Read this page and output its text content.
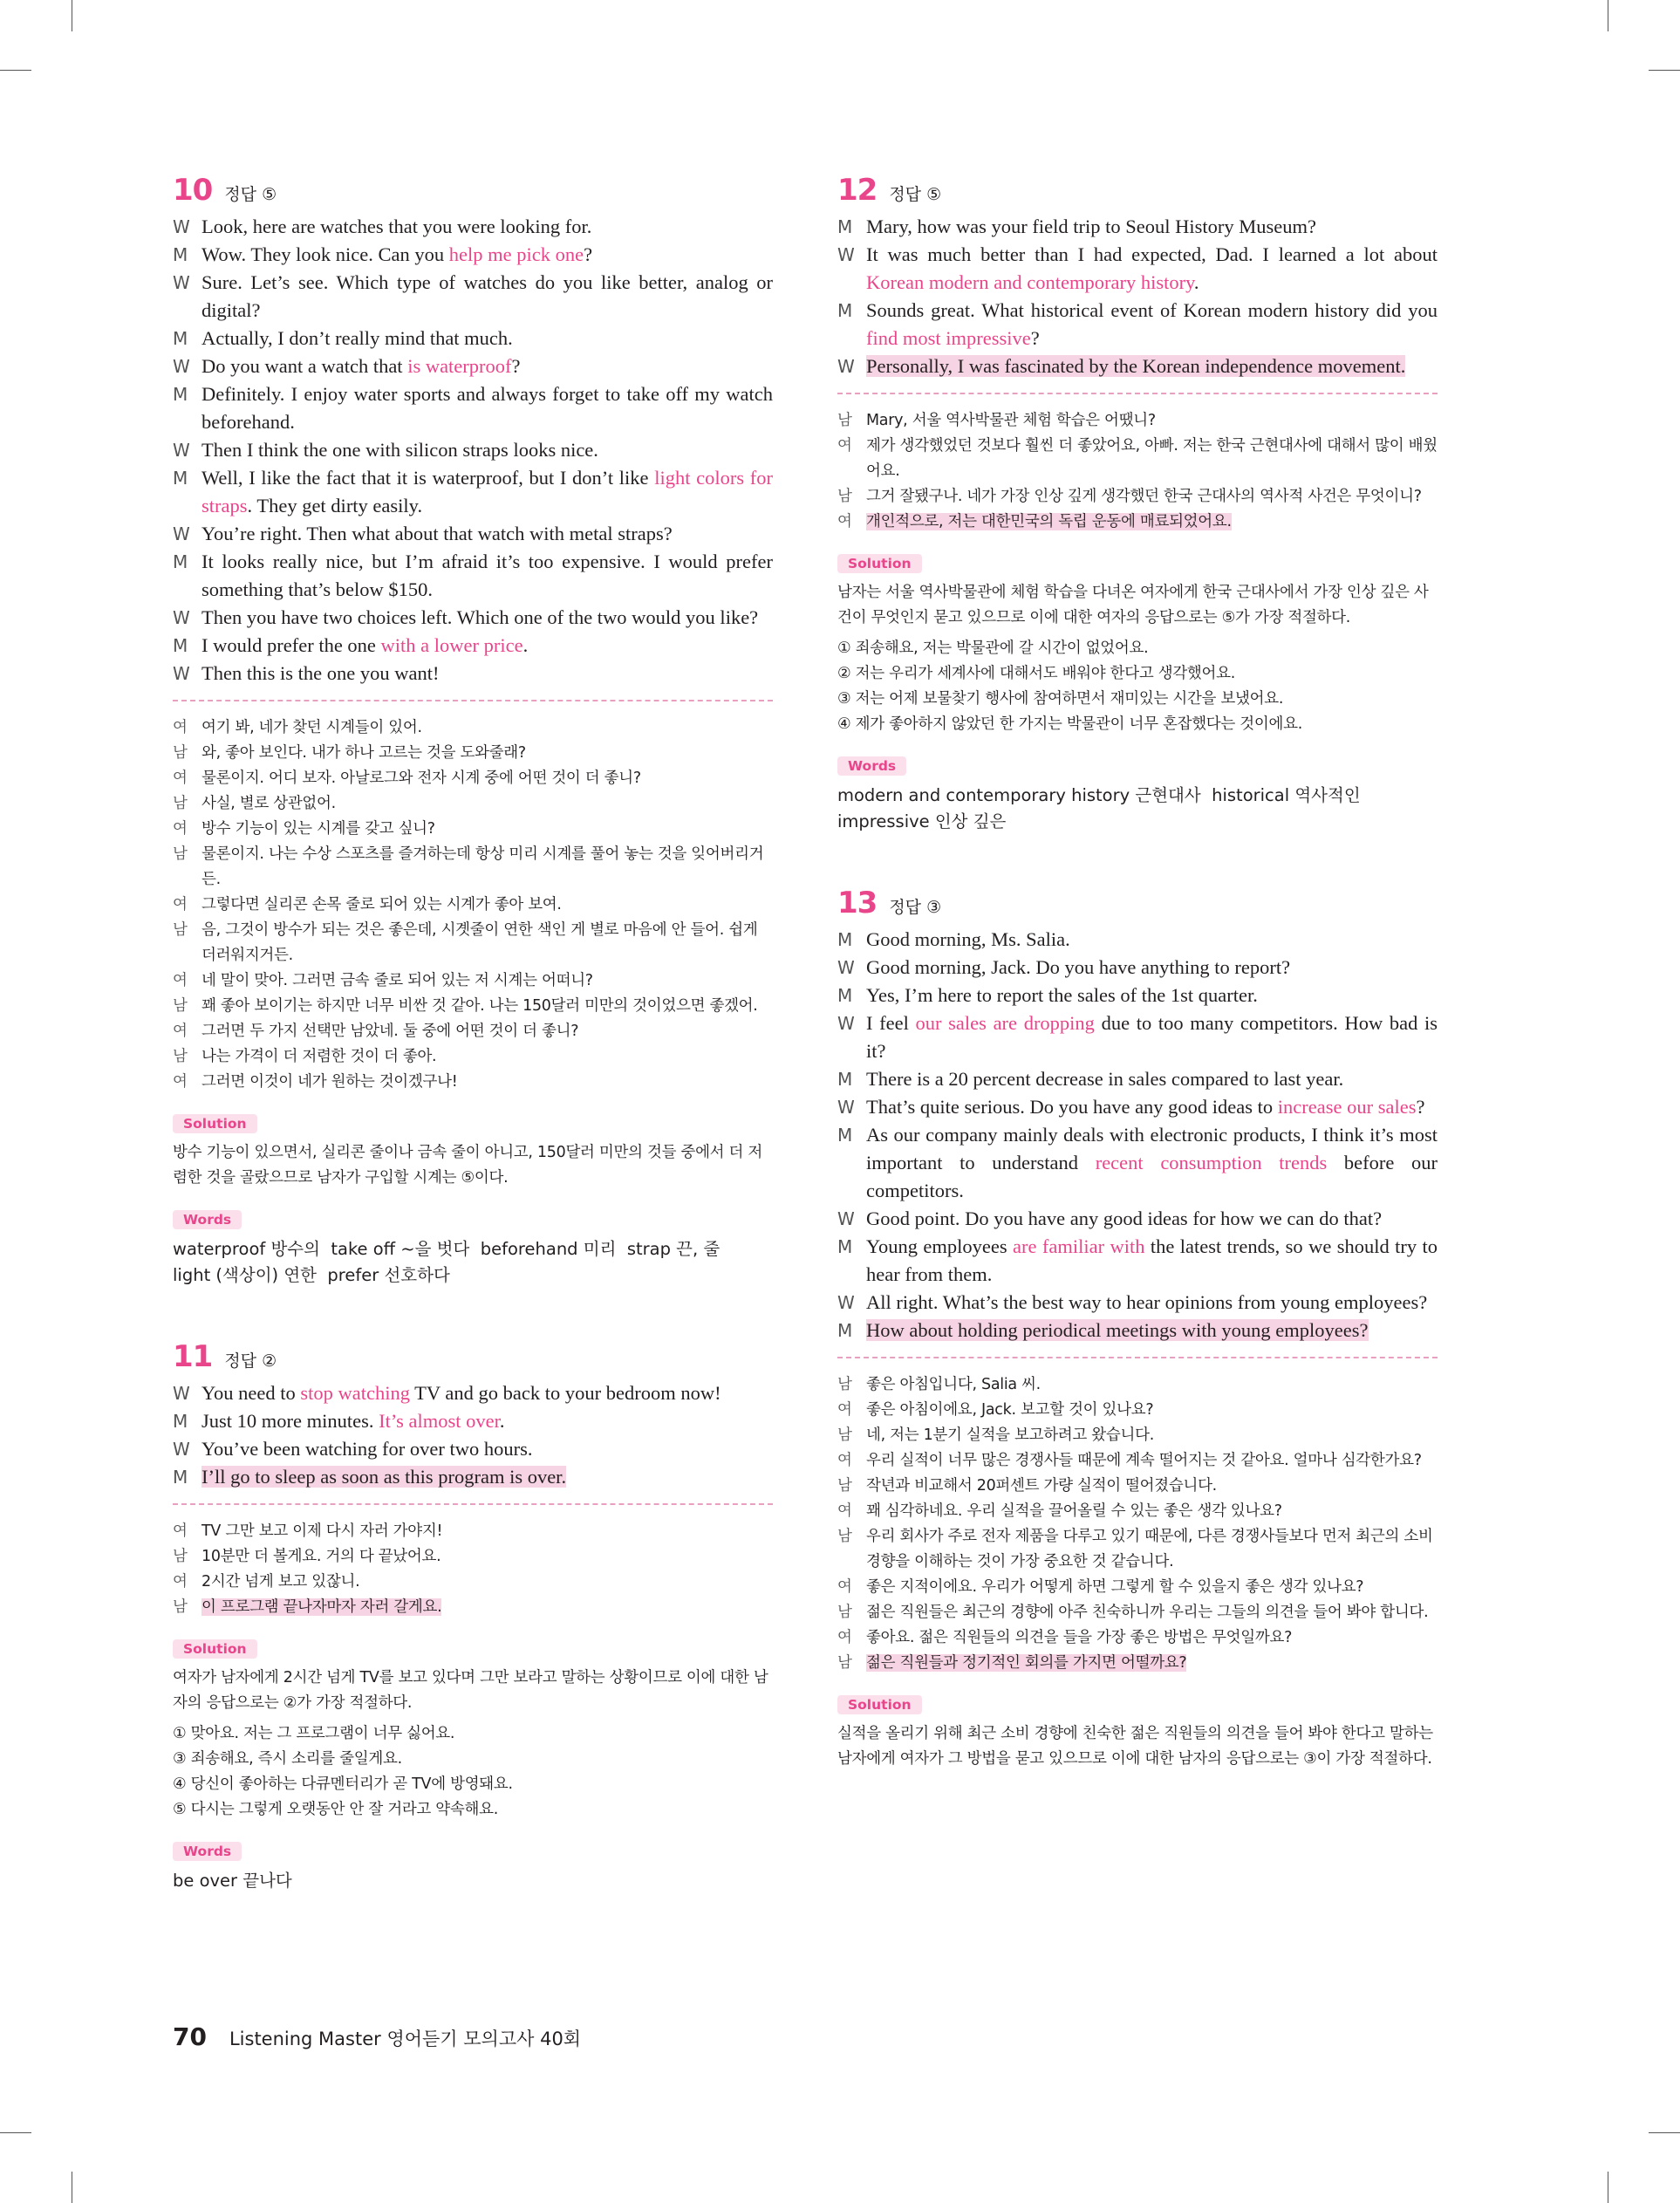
10 정답 ⑤
W Look, here are watches that you were looking for.
M Wow. They look nice. Can you help me pick one?
W Sure. Let’s see. Which type of watches do you like better, analog or digital?
M Actually, I don’t really mind that much.
W Do you want a watch that is waterproof?
M Definitely. I enjoy water sports and always forget to take off my watch beforehand.
W Then I think the one with silicon straps looks nice.
M Well, I like the fact that it is waterproof, but I don’t like light colors for straps. They get dirty easily.
W You’re right. Then what about that watch with metal straps?
M It looks really nice, but I’m afraid it’s too expensive. I would prefer something that’s below $150.
W Then you have two choices left. Which one of the two would you like?
M I would prefer the one with a lower price.
W Then this is the one you want!
여 여기 봐, 네가 찾던 시계들이 있어.
남 와, 좋아 보인다. 내가 하나 고르는 것을 도와줄래?
여 물론이지. 어디 보자. 아날로그와 전자 시계 중에 어떤 것이 더 좋니?
남 사실, 별로 상관없어.
여 방수 기능이 있는 시계를 갖고 싶니?
남 물론이지. 나는 수상 스포츠를 즐겨하는데 항상 미리 시계를 풀어 놓는 것을 잊어버리거든.
여 그렇다면 실리콘 손목 줄로 되어 있는 시계가 좋아 보여.
남 음, 그것이 방수가 되는 것은 좋은데, 시곗줄이 연한 색인 게 별로 마음에 안 들어. 쉽게 더러워지거든.
여 네 말이 맞아. 그러면 금속 줄로 되어 있는 저 시계는 어떠니?
남 꽤 좋아 보이기는 하지만 너무 비싼 것 같아. 나는 150달러 미만의 것이었으면 좋겠어.
여 그러면 두 가지 선택만 남았네. 둘 중에 어떤 것이 더 좋니?
남 나는 가격이 더 저렴한 것이 더 좋아.
여 그러면 이것이 네가 원하는 것이겠구나!
Solution
방수 기능이 있으면서, 실리콘 줄이나 금속 줄이 아니고, 150달러 미만의 것들 중에서 더 저렴한 것을 골랐으므로 남자가 구입할 시계는 ⑤이다.
Words
waterproof 방수의  take off ~을 벗다  beforehand 미리  strap 끈, 줄
light (색상이) 연한  prefer 선호하다
11 정답 ②
W You need to stop watching TV and go back to your bedroom now!
M Just 10 more minutes. It’s almost over.
W You’ve been watching for over two hours.
M I’ll go to sleep as soon as this program is over.
여 TV 그만 보고 이제 다시 자러 가야지!
남 10분만 더 볼게요. 거의 다 끝났어요.
여 2시간 넘게 보고 있잖니.
남 이 프로그램 끝나자마자 자러 갈게요.
Solution
여자가 남자에게 2시간 넘게 TV를 보고 있다며 그만 보라고 말하는 상황이므로 이에 대한 남자의 응답으로는 ②가 가장 적절하다.
① 맞아요. 저는 그 프로그램이 너무 싫어요.
③ 죄송해요, 즉시 소리를 줄일게요.
④ 당신이 좋아하는 다큐멘터리가 곧 TV에 방영돼요.
⑤ 다시는 그렇게 오랫동안 안 잘 거라고 약속해요.
Words
be over 끝나다
12 정답 ⑤
M Mary, how was your field trip to Seoul History Museum?
W It was much better than I had expected, Dad. I learned a lot about Korean modern and contemporary history.
M Sounds great. What historical event of Korean modern history did you find most impressive?
W Personally, I was fascinated by the Korean independence movement.
남 Mary, 서울 역사박물관 체험 학습은 어땠니?
여 제가 생각했었던 것보다 훨씬 더 좋았어요, 아빠. 저는 한국 근현대사에 대해서 많이 배웠어요.
남 그거 잘됐구나. 네가 가장 인상 깊게 생각했던 한국 근대사의 역사적 사건은 무엇이니?
여 개인적으로, 저는 대한민국의 독립 운동에 매료되었어요.
Solution
남자는 서울 역사박물관에 체험 학습을 다녀온 여자에게 한국 근대사에서 가장 인상 깊은 사건이 무엇인지 묻고 있으므로 이에 대한 여자의 응답으로는 ⑤가 가장 적절하다.
① 죄송해요, 저는 박물관에 갈 시간이 없었어요.
② 저는 우리가 세계사에 대해서도 배워야 한다고 생각했어요.
③ 저는 어제 보물찾기 행사에 참여하면서 재미있는 시간을 보냈어요.
④ 제가 좋아하지 않았던 한 가지는 박물관이 너무 혼잡했다는 것이에요.
Words
modern and contemporary history 근현대사  historical 역사적인
impressive 인상 깊은
13 정답 ③
M Good morning, Ms. Salia.
W Good morning, Jack. Do you have anything to report?
M Yes, I’m here to report the sales of the 1st quarter.
W I feel our sales are dropping due to too many competitors. How bad is it?
M There is a 20 percent decrease in sales compared to last year.
W That’s quite serious. Do you have any good ideas to increase our sales?
M As our company mainly deals with electronic products, I think it’s most important to understand recent consumption trends before our competitors.
W Good point. Do you have any good ideas for how we can do that?
M Young employees are familiar with the latest trends, so we should try to hear from them.
W All right. What’s the best way to hear opinions from young employees?
M How about holding periodical meetings with young employees?
남 좋은 아침입니다, Salia 씨.
여 좋은 아침이에요, Jack. 보고할 것이 있나요?
남 네, 저는 1분기 실적을 보고하려고 왔습니다.
여 우리 실적이 너무 많은 경쟁사들 때문에 계속 떨어지는 것 같아요. 얼마나 심각한가요?
남 작년과 비교해서 20퍼센트 가량 실적이 떨어졌습니다.
여 꽤 심각하네요. 우리 실적을 끌어올릴 수 있는 좋은 생각 있나요?
남 우리 회사가 주로 전자 제품을 다루고 있기 때문에, 다른 경쟁사들보다 먼저 최근의 소비 경향을 이해하는 것이 가장 중요한 것 같습니다.
여 좋은 지적이에요. 우리가 어떻게 하면 그렇게 할 수 있을지 좋은 생각 있나요?
남 젊은 직원들은 최근의 경향에 아주 친숙하니까 우리는 그들의 의견을 들어 봐야 합니다.
여 좋아요. 젊은 직원들의 의견을 들을 가장 좋은 방법은 무엇일까요?
남 젊은 직원들과 정기적인 회의를 가지면 어떨까요?
Solution
실적을 올리기 위해 최근 소비 경향에 친숙한 젊은 직원들의 의견을 들어 봐야 한다고 말하는 남자에게 여자가 그 방법을 묻고 있으므로 이에 대한 남자의 응답으로는 ③이 가장 적절하다.
70 Listening Master 영어듣기 모의고사 40회
